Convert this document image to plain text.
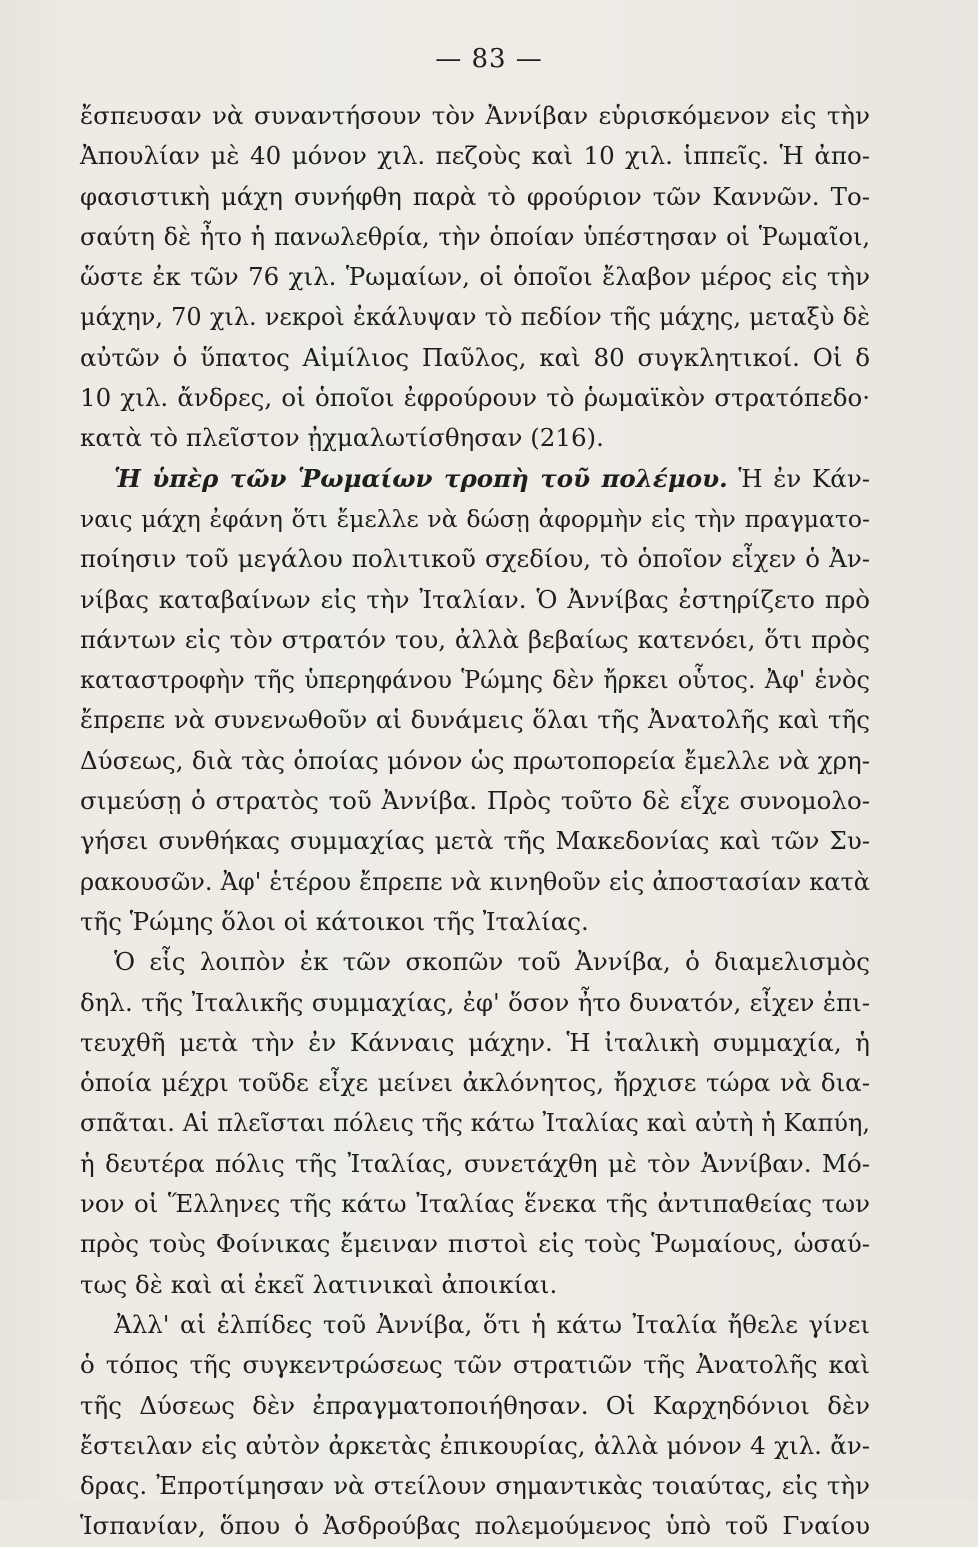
— 83 —
ἔσπευσαν νὰ συναντήσουν τὸν Ἀννίβαν εὑρισκόμενον εἰς τὴν
Ἀπουλίαν μὲ 40 μόνον χιλ. πεζοὺς καὶ 10 χιλ. ἱππεῖς. Ἡ ἀπο-
φασιστικὴ μάχη συνήφθη παρὰ τὸ φρούριον τῶν Καννῶν. Το-
σαύτη δὲ ἦτο ἡ πανωλεθρία, τὴν ὁποίαν ὑπέστησαν οἱ Ῥωμαῖοι,
ὥστε ἐκ τῶν 76 χιλ. Ῥωμαίων, οἱ ὁποῖοι ἔλαβον μέρος εἰς τὴν
μάχην, 70 χιλ. νεκροὶ ἐκάλυψαν τὸ πεδίον τῆς μάχης, μεταξὺ δὲ
αὐτῶν ὁ ὕπατος Αἰμίλιος Παῦλος, καὶ 80 συγκλητικοί. Οἱ δ
10 χιλ. ἄνδρες, οἱ ὁποῖοι ἐφρούρουν τὸ ῥωμαϊκὸν στρατόπεδο·
κατὰ τὸ πλεῖστον ᾐχμαλωτίσθησαν (216).
Ἡ ὑπὲρ τῶν Ῥωμαίων τροπὴ τοῦ πολέμου. Ἡ ἐν Κάν-
ναις μάχη ἐφάνη ὅτι ἔμελλε νὰ δώσῃ ἀφορμὴν εἰς τὴν πραγματο-
ποίησιν τοῦ μεγάλου πολιτικοῦ σχεδίου, τὸ ὁποῖον εἶχεν ὁ Ἀν-
νίβας καταβαίνων εἰς τὴν Ἰταλίαν. Ὁ Ἀννίβας ἐστηρίζετο πρὸ
πάντων εἰς τὸν στρατόν του, ἀλλὰ βεβαίως κατενόει, ὅτι πρὸς
καταστροφὴν τῆς ὑπερηφάνου Ῥώμης δὲν ἤρκει οὗτος. Ἀφ' ἑνὸς
ἔπρεπε νὰ συνενωθοῦν αἱ δυνάμεις ὅλαι τῆς Ἀνατολῆς καὶ τῆς
Δύσεως, διὰ τὰς ὁποίας μόνον ὡς πρωτοπορεία ἔμελλε νὰ χρη-
σιμεύσῃ ὁ στρατὸς τοῦ Ἀννίβα. Πρὸς τοῦτο δὲ εἶχε συνομολο-
γήσει συνθήκας συμμαχίας μετὰ τῆς Μακεδονίας καὶ τῶν Συ-
ρακουσῶν. Ἀφ' ἑτέρου ἔπρεπε νὰ κινηθοῦν εἰς ἀποστασίαν κατὰ
τῆς Ῥώμης ὅλοι οἱ κάτοικοι τῆς Ἰταλίας.
Ὁ εἷς λοιπὸν ἐκ τῶν σκοπῶν τοῦ Ἀννίβα, ὁ διαμελισμὸς
δηλ. τῆς Ἰταλικῆς συμμαχίας, ἐφ' ὅσον ἦτο δυνατόν, εἶχεν ἐπι-
τευχθῆ μετὰ τὴν ἐν Κάνναις μάχην. Ἡ ἰταλικὴ συμμαχία, ἡ
ὁποία μέχρι τοῦδε εἶχε μείνει ἀκλόνητος, ἤρχισε τώρα νὰ δια-
σπᾶται. Αἱ πλεῖσται πόλεις τῆς κάτω Ἰταλίας καὶ αὐτὴ ἡ Καπύη,
ἡ δευτέρα πόλις τῆς Ἰταλίας, συνετάχθη μὲ τὸν Ἀννίβαν. Μό-
νον οἱ Ἕλληνες τῆς κάτω Ἰταλίας ἕνεκα τῆς ἀντιπαθείας των
πρὸς τοὺς Φοίνικας ἔμειναν πιστοὶ εἰς τοὺς Ῥωμαίους, ὡσαύ-
τως δὲ καὶ αἱ ἐκεῖ λατινικαὶ ἀποικίαι.
Ἀλλ' αἱ ἐλπίδες τοῦ Ἀννίβα, ὅτι ἡ κάτω Ἰταλία ἤθελε γίνει
ὁ τόπος τῆς συγκεντρώσεως τῶν στρατιῶν τῆς Ἀνατολῆς καὶ
τῆς Δύσεως δὲν ἐπραγματοποιήθησαν. Οἱ Καρχηδόνιοι δὲν
ἔστειλαν εἰς αὐτὸν ἀρκετὰς ἐπικουρίας, ἀλλὰ μόνον 4 χιλ. ἄν-
δρας. Ἐπροτίμησαν νὰ στείλουν σημαντικὰς τοιαύτας, εἰς τὴν
Ἱσπανίαν, ὅπου ὁ Ἀσδρούβας πολεμούμενος ὑπὸ τοῦ Γναίου
